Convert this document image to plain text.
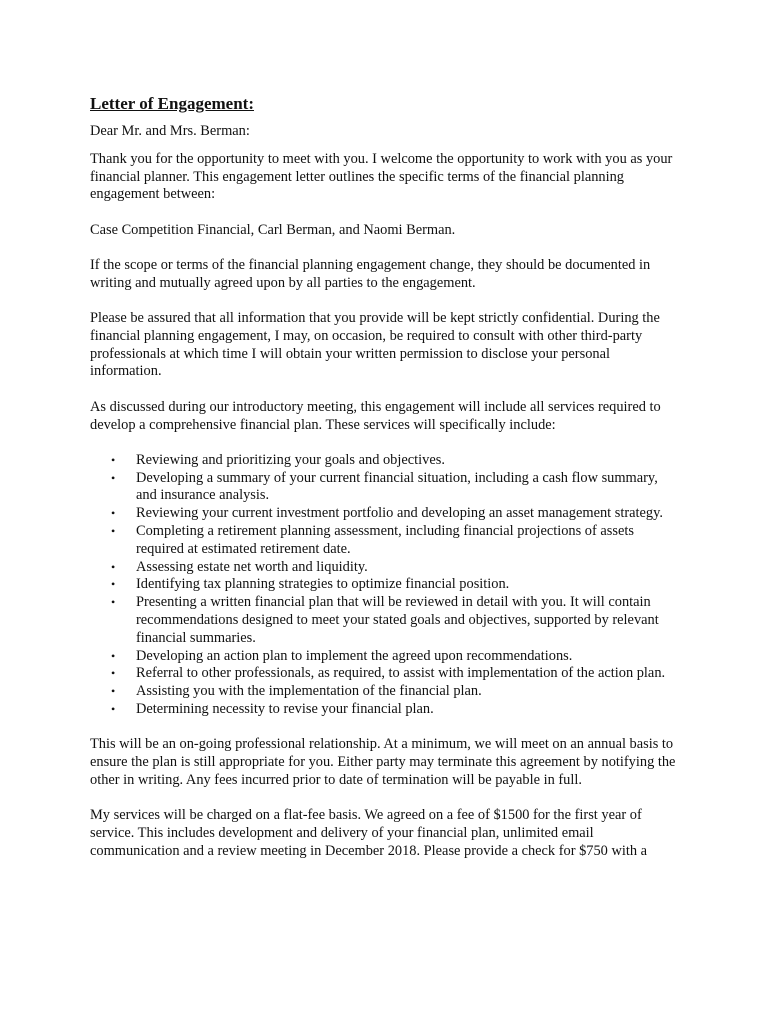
Letter of Engagement:

Dear Mr. and Mrs. Berman:

Thank you for the opportunity to meet with you. I welcome the opportunity to work with you as your financial planner. This engagement letter outlines the specific terms of the financial planning engagement between:

Case Competition Financial, Carl Berman, and Naomi Berman.

If the scope or terms of the financial planning engagement change, they should be documented in writing and mutually agreed upon by all parties to the engagement.

Please be assured that all information that you provide will be kept strictly confidential. During the financial planning engagement, I may, on occasion, be required to consult with other third-party professionals at which time I will obtain your written permission to disclose your personal information.

As discussed during our introductory meeting, this engagement will include all services required to develop a comprehensive financial plan. These services will specifically include:

• Reviewing and prioritizing your goals and objectives.
• Developing a summary of your current financial situation, including a cash flow summary, and insurance analysis.
• Reviewing your current investment portfolio and developing an asset management strategy.
• Completing a retirement planning assessment, including financial projections of assets required at estimated retirement date.
• Assessing estate net worth and liquidity.
• Identifying tax planning strategies to optimize financial position.
• Presenting a written financial plan that will be reviewed in detail with you. It will contain recommendations designed to meet your stated goals and objectives, supported by relevant financial summaries.
• Developing an action plan to implement the agreed upon recommendations.
• Referral to other professionals, as required, to assist with implementation of the action plan.
• Assisting you with the implementation of the financial plan.
• Determining necessity to revise your financial plan.

This will be an on-going professional relationship. At a minimum, we will meet on an annual basis to ensure the plan is still appropriate for you. Either party may terminate this agreement by notifying the other in writing. Any fees incurred prior to date of termination will be payable in full.

My services will be charged on a flat-fee basis. We agreed on a fee of $1500 for the first year of service. This includes development and delivery of your financial plan, unlimited email communication and a review meeting in December 2018. Please provide a check for $750 with a
